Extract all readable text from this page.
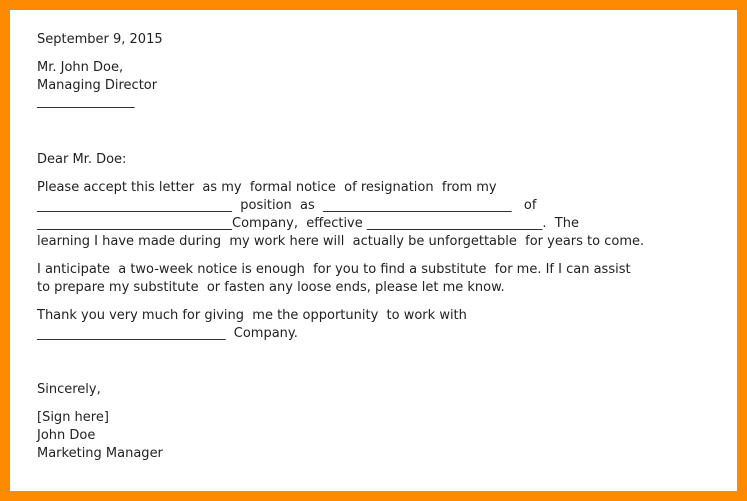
September 9, 2015

Mr. John Doe,

Managing Director

_______________

Dear Mr. Doe:

Please accept this letter  as my  formal notice  of resignation  from my

______________________________  position  as  _____________________________   of

______________________________Company,  effective ___________________________.  The

learning I have made during  my work here will  actually be unforgettable  for years to come.

I anticipate  a two-week notice is enough  for you to find a substitute  for me. If I can assist

to prepare my substitute  or fasten any loose ends, please let me know.

Thank you very much for giving  me the opportunity  to work with

_____________________________  Company.

Sincerely,

[Sign here]

John Doe

Marketing Manager
